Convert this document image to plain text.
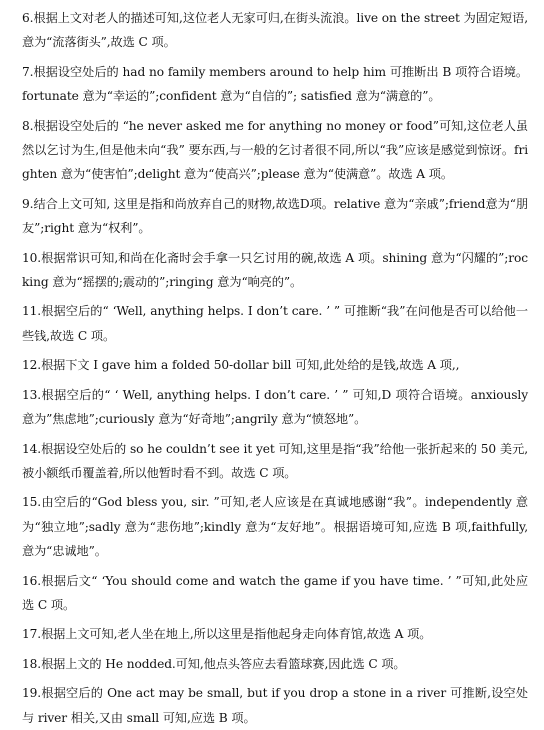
6.根据上文对老人的描述可知,这位老人无家可归,在街头流浪。live on the street 为固定短语,意为“流落街头”,故选 C 项。

7.根据设空处后的 had no family members around to help him 可推断出 B 项符合语境。fortunate 意为“幸运的”;confident 意为“自信的”; satisfied 意为“满意的”。

8.根据设空处后的 “he never asked me for anything no money or food”可知,这位老人虽然以乞讨为生,但是他未向“我” 要东西,与一般的乞讨者很不同,所以“我”应该是感觉到惊讶。frighten 意为“使害怕”;delight 意为“使高兴”;please 意为“使满意”。故选 A 项。

9.结合上文可知, 这里是指和尚放弃自己的财物,故选D项。relative 意为“亲戚”;friend意为“朋友”;right 意为“权利”。

10.根据常识可知,和尚在化斋时会手拿一只乞讨用的碗,故选 A 项。shining 意为“闪耀的”;rocking 意为“摇摆的;震动的”;ringing 意为“响亮的”。

11.根据空后的“ ‘Well, anything helps. I don’t care. ’ ” 可推断“我”在问他是否可以给他一些钱,故选 C 项。

12.根据下文 I gave him a folded 50-dollar bill 可知,此处给的是钱,故选 A 项,,

13.根据空后的“ ‘ Well, anything helps. I don’t care. ’ ” 可知,D 项符合语境。anxiously 意为”焦虑地”;curiously 意为“好奇地”;angrily 意为“愤怒地”。

14.根据设空处后的 so he couldn’t see it yet 可知,这里是指“我”给他一张折起来的 50 美元,被小额纸币覆盖着,所以他暂时看不到。故选 C 项。

15.由空后的“God bless you, sir. ”可知,老人应该是在真诚地感谢“我”。independently 意为“独立地”;sadly 意为“悲伤地”;kindly 意为“友好地”。根据语境可知,应选 B 项,faithfully, 意为“忠诚地”。

16.根据后文“ ‘You should come and watch the game if you have time. ’ ”可知,此处应选 C 项。

17.根据上文可知,老人坐在地上,所以这里是指他起身走向体育馆,故选 A 项。

18.根据上文的 He nodded.可知,他点头答应去看篮球赛,因此选 C 项。

19.根据空后的 One act may be small, but if you drop a stone in a river 可推断,设空处与 river 相关,又由 small 可知,应选 B 项。
